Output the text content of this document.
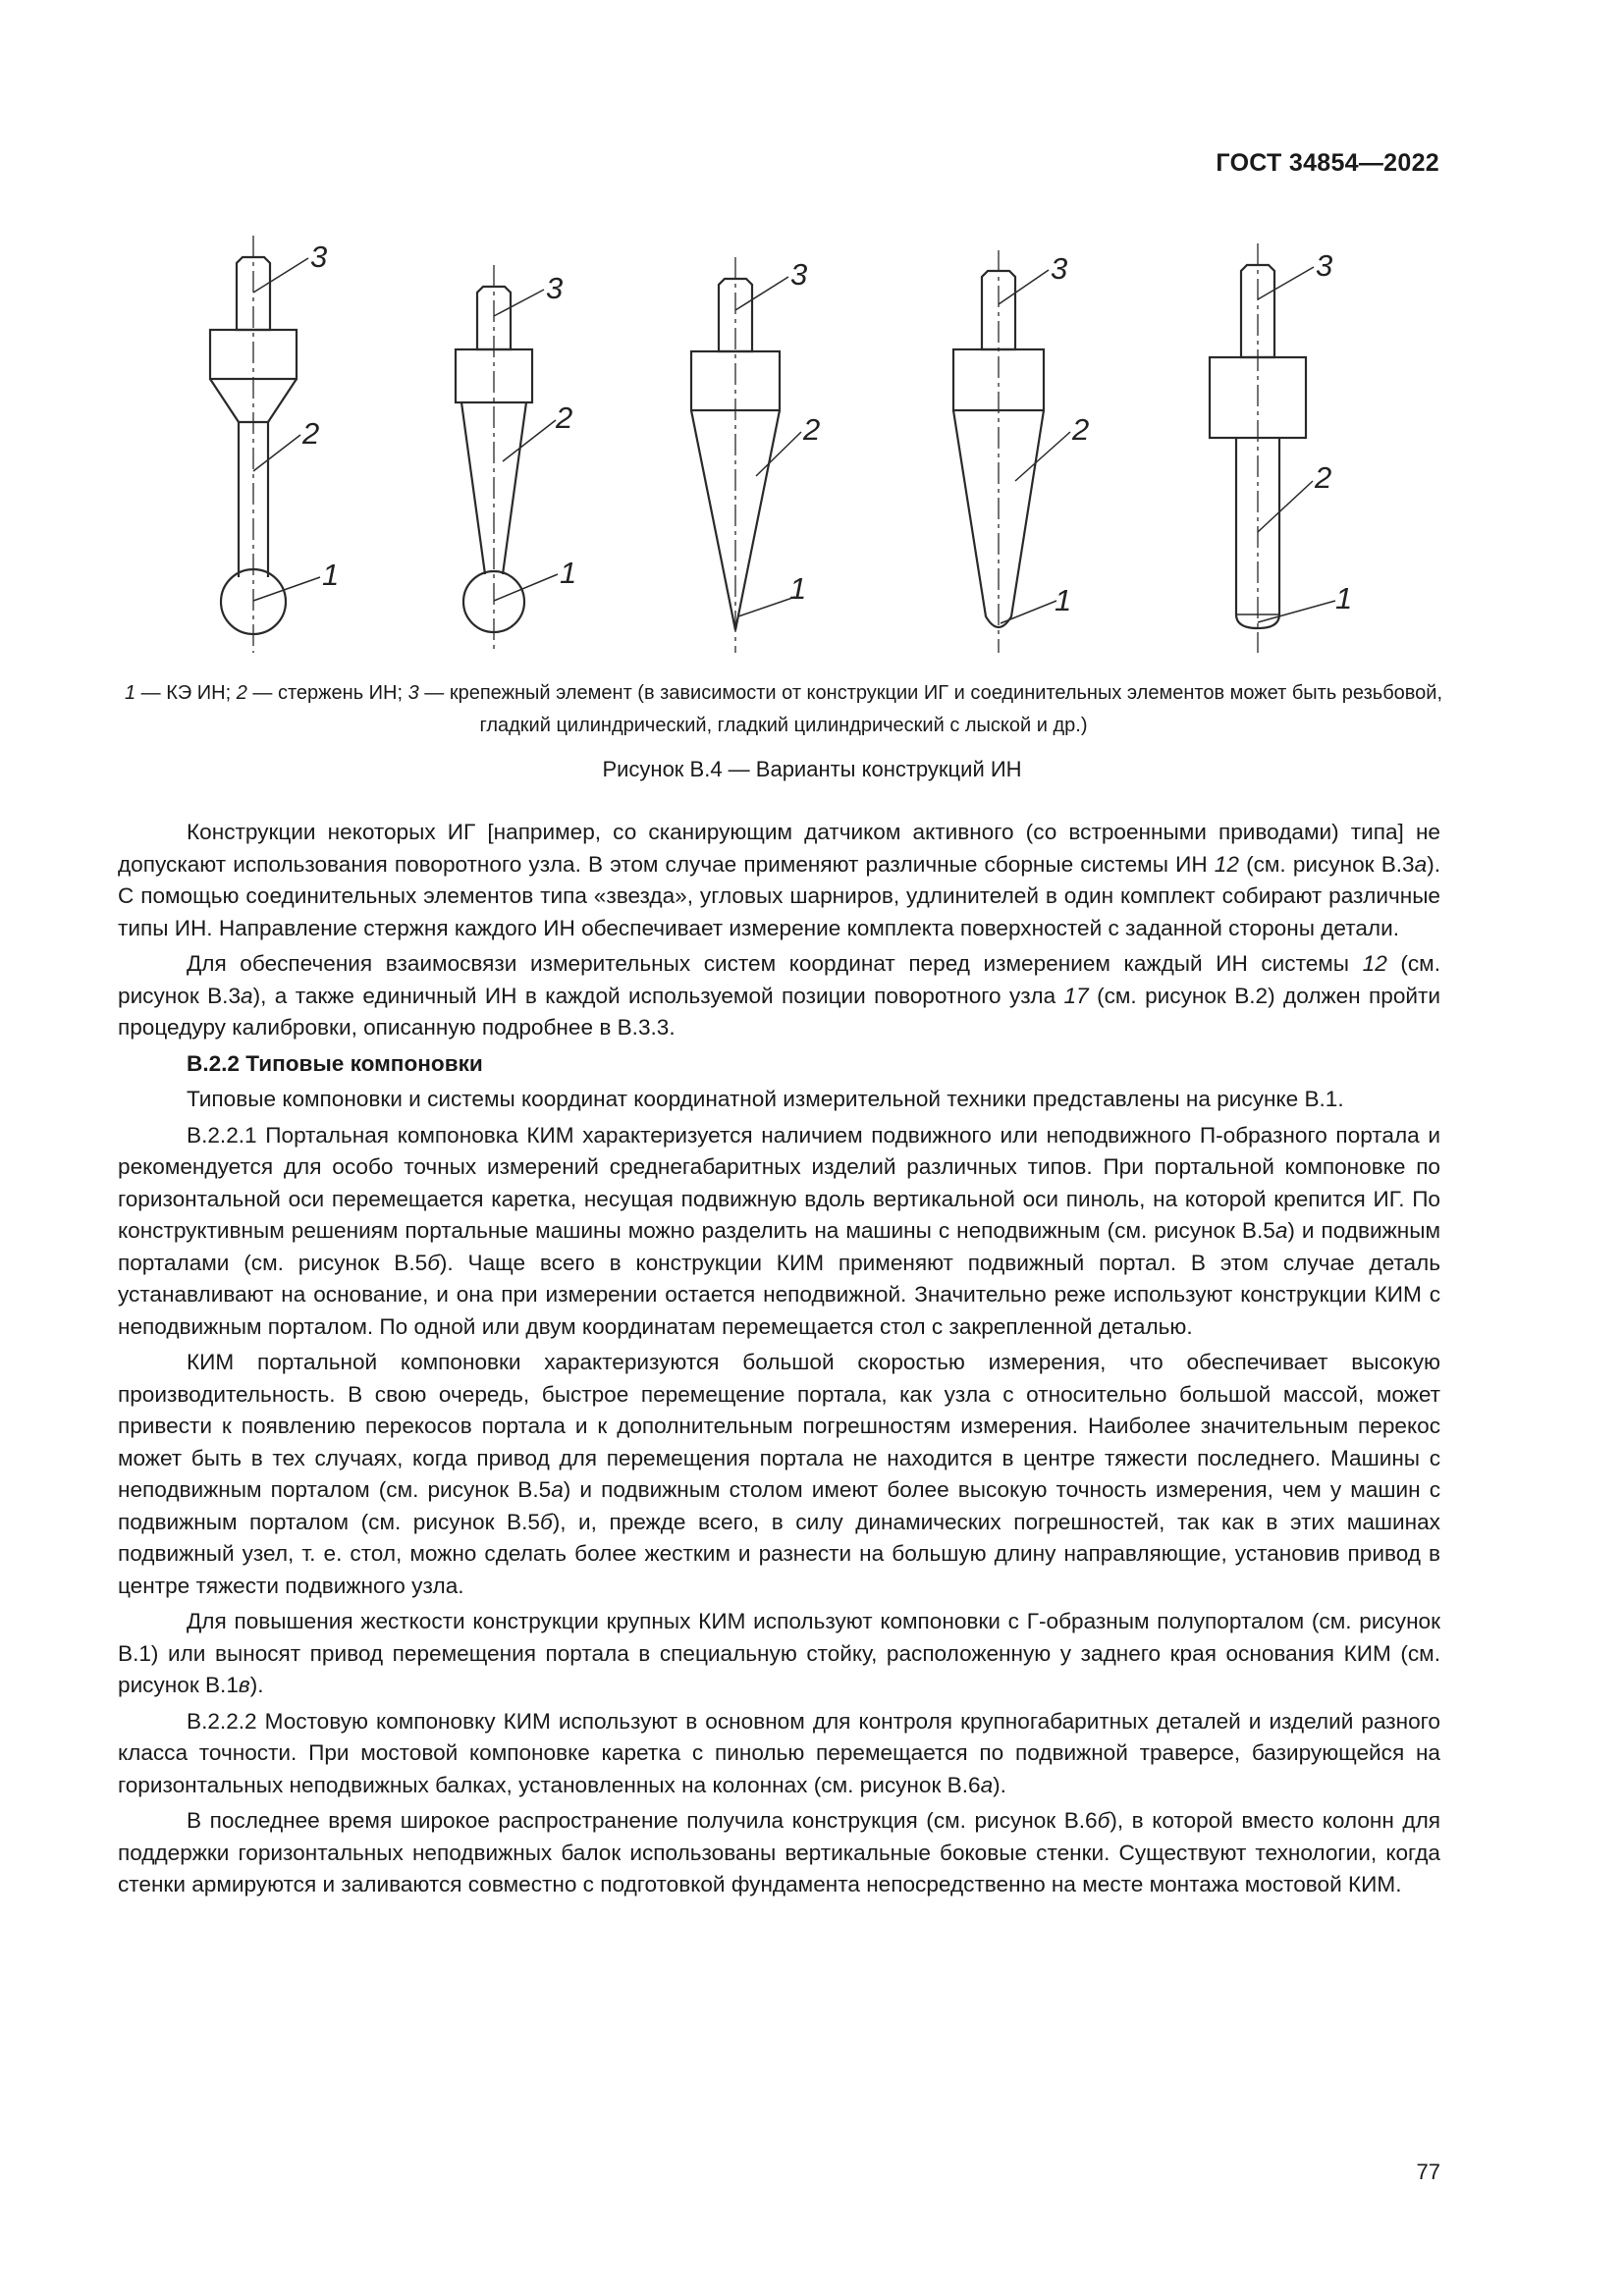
ГОСТ 34854—2022
3
2
1
3
2
1
3
2
1
3
2
1
3
2
1
1 — КЭ ИН; 2 — стержень ИН; 3 — крепежный элемент (в зависимости от конструкции ИГ и соединительных элементов может быть резьбовой, гладкий цилиндрический, гладкий цилиндрический с лыской и др.)
Рисунок В.4 — Варианты конструкций ИН

Конструкции некоторых ИГ [например, со сканирующим датчиком активного (со встроенными приводами) типа] не допускают использования поворотного узла. В этом случае применяют различные сборные системы ИН 12 (см. рисунок В.3а). С помощью соединительных элементов типа «звезда», угловых шарниров, удлинителей в один комплект собирают различные типы ИН. Направление стержня каждого ИН обеспечивает измерение комплекта поверхностей с заданной стороны детали.

Для обеспечения взаимосвязи измерительных систем координат перед измерением каждый ИН системы 12 (см. рисунок В.3а), а также единичный ИН в каждой используемой позиции поворотного узла 17 (см. рисунок В.2) должен пройти процедуру калибровки, описанную подробнее в В.3.3.

В.2.2 Типовые компоновки

Типовые компоновки и системы координат координатной измерительной техники представлены на рисунке В.1.

В.2.2.1 Портальная компоновка КИМ характеризуется наличием подвижного или неподвижного П-образного портала и рекомендуется для особо точных измерений среднегабаритных изделий различных типов. При портальной компоновке по горизонтальной оси перемещается каретка, несущая подвижную вдоль вертикальной оси пиноль, на которой крепится ИГ. По конструктивным решениям портальные машины можно разделить на машины с неподвижным (см. рисунок В.5а) и подвижным порталами (см. рисунок В.5б). Чаще всего в конструкции КИМ применяют подвижный портал. В этом случае деталь устанавливают на основание, и она при измерении остается неподвижной. Значительно реже используют конструкции КИМ с неподвижным порталом. По одной или двум координатам перемещается стол с закрепленной деталью.

КИМ портальной компоновки характеризуются большой скоростью измерения, что обеспечивает высокую производительность. В свою очередь, быстрое перемещение портала, как узла с относительно большой массой, может привести к появлению перекосов портала и к дополнительным погрешностям измерения. Наиболее значительным перекос может быть в тех случаях, когда привод для перемещения портала не находится в центре тяжести последнего. Машины с неподвижным порталом (см. рисунок В.5а) и подвижным столом имеют более высокую точность измерения, чем у машин с подвижным порталом (см. рисунок В.5б), и, прежде всего, в силу динамических погрешностей, так как в этих машинах подвижный узел, т. е. стол, можно сделать более жестким и разнести на большую длину направляющие, установив привод в центре тяжести подвижного узла.

Для повышения жесткости конструкции крупных КИМ используют компоновки с Г-образным полупорталом (см. рисунок В.1) или выносят привод перемещения портала в специальную стойку, расположенную у заднего края основания КИМ (см. рисунок В.1в).

В.2.2.2 Мостовую компоновку КИМ используют в основном для контроля крупногабаритных деталей и изделий разного класса точности. При мостовой компоновке каретка с пинолью перемещается по подвижной траверсе, базирующейся на горизонтальных неподвижных балках, установленных на колоннах (см. рисунок В.6а).

В последнее время широкое распространение получила конструкция (см. рисунок В.6б), в которой вместо колонн для поддержки горизонтальных неподвижных балок использованы вертикальные боковые стенки. Существуют технологии, когда стенки армируются и заливаются совместно с подготовкой фундамента непосредственно на месте монтажа мостовой КИМ.

77
